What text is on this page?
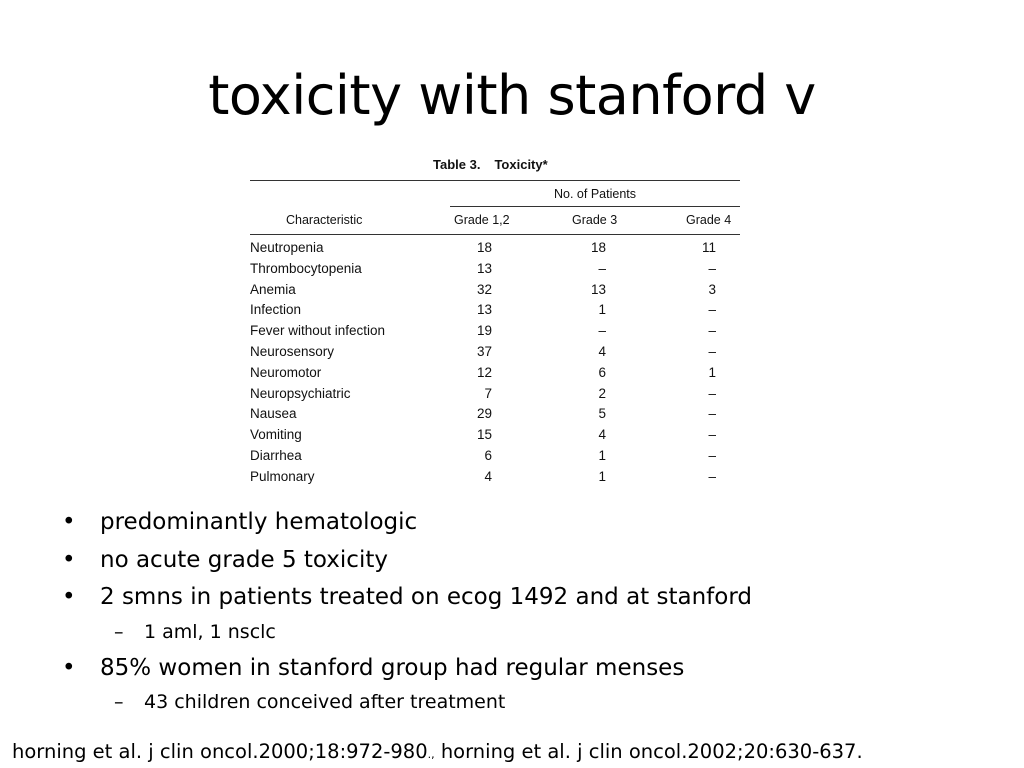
toxicity with stanford v
Table 3. Toxicity*
No. of Patients
Characteristic	Grade 1,2	Grade 3	Grade 4
Neutropenia	18	18	11
Thrombocytopenia	13	–	–
Anemia	32	13	3
Infection	13	1	–
Fever without infection	19	–	–
Neurosensory	37	4	–
Neuromotor	12	6	1
Neuropsychiatric	7	2	–
Nausea	29	5	–
Vomiting	15	4	–
Diarrhea	6	1	–
Pulmonary	4	1	–
• predominantly hematologic
• no acute grade 5 toxicity
• 2 smns in patients treated on ecog 1492 and at stanford
– 1 aml, 1 nsclc
• 85% women in stanford group had regular menses
– 43 children conceived after treatment
horning et al. j clin oncol.2000;18:972-980., horning et al. j clin oncol.2002;20:630-637.
